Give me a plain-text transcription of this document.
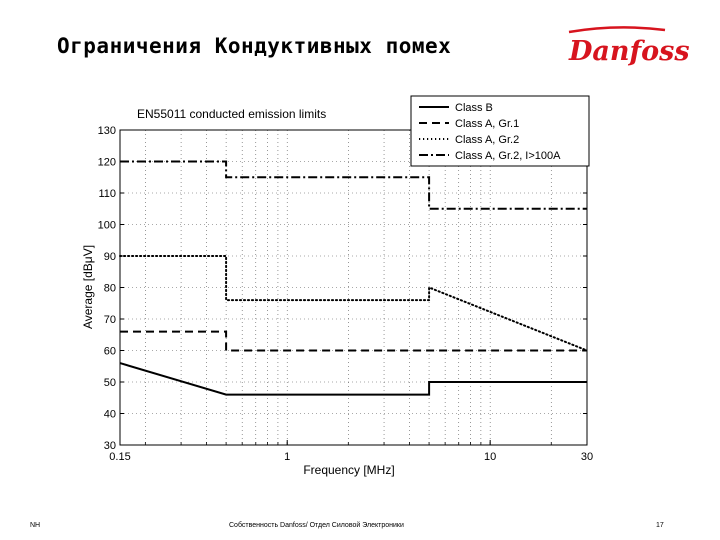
Ограничения Кондуктивных помех	Danfoss
30
40
50
60
70
80
90
100
110
120
130
0.15	1	10	30
EN55011 conducted emission limits
Frequency [MHz]
Average [dBμV]
Class B
Class A, Gr.1
Class A, Gr.2
Class A, Gr.2, I>100A
NH	Собственность Danfoss/ Отдел Силовой Электроники	17
